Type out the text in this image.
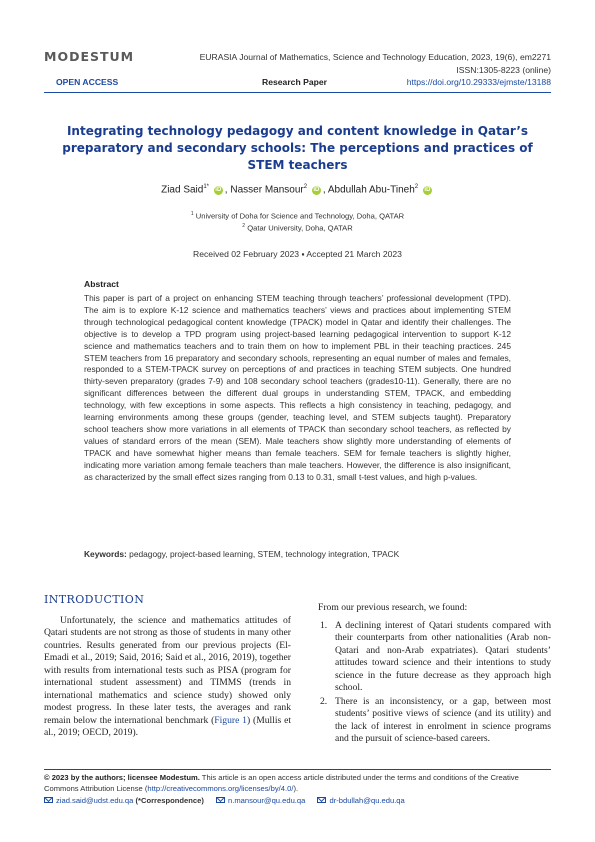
MODESTUM	EURASIA Journal of Mathematics, Science and Technology Education, 2023, 19(6), em2271
ISSN:1305-8223 (online)
OPEN ACCESS	Research Paper	https://doi.org/10.29333/ejmste/13188
Integrating technology pedagogy and content knowledge in Qatar’s preparatory and secondary schools: The perceptions and practices of STEM teachers
Ziad Said$^{1*}$ iD , Nasser Mansour$^2$ iD , Abdullah Abu-Tineh$^2$ iD
$^1$ University of Doha for Science and Technology, Doha, QATAR
$^2$ Qatar University, Doha, QATAR
Received 02 February 2023 ▪ Accepted 21 March 2023
Abstract
This paper is part of a project on enhancing STEM teaching through teachers’ professional development (TPD). The aim is to explore K-12 science and mathematics teachers’ views and practices about implementing STEM through technological pedagogical content knowledge (TPACK) model in Qatar and identify their challenges. The objective is to develop a TPD program using project-based learning pedagogical intervention to support K-12 science and mathematics teachers and to train them on how to implement PBL in their teaching practices. 245 STEM teachers from 16 preparatory and secondary schools, representing an equal number of males and females, responded to a STEM-TPACK survey on perceptions of and practices in teaching STEM subjects. One hundred thirty-seven preparatory (grades 7-9) and 108 secondary school teachers (grades10-11). Generally, there are no significant differences between the different dual groups in understanding STEM, TPACK, and embedding technology, with few exceptions in some aspects. This reflects a high consistency in teaching, pedagogy, and learning environments among these groups (gender, teaching level, and STEM subjects taught). Preparatory school teachers show more variations in all elements of TPACK than secondary school teachers, as reflected by values of standard errors of the mean (SEM). Male teachers show slightly more understanding of elements of TPACK and have somewhat higher means than female teachers. SEM for female teachers is slightly higher, indicating more variation among female teachers than male teachers. However, the difference is also insignificant, as characterized by the small effect sizes ranging from 0.13 to 0.31, small t-test values, and high p-values.
Keywords: pedagogy, project-based learning, STEM, technology integration, TPACK
INTRODUCTION
Unfortunately, the science and mathematics attitudes of Qatari students are not strong as those of students in many other countries. Results generated from our previous projects (El-Emadi et al., 2019; Said, 2016; Said et al., 2016, 2019), together with results from international tests such as PISA (program for international student assessment) and TIMMS (trends in international mathematics and science study) showed only modest progress. In these later tests, the averages and rank remain below the international benchmark (Figure 1) (Mullis et al., 2019; OECD, 2019).
From our previous research, we found:
1. A declining interest of Qatari students compared with their counterparts from other nationalities (Arab non-Qatari and non-Arab expatriates). Qatari students’ attitudes toward science and their intentions to study science in the future decrease as they approach high school.
2. There is an inconsistency, or a gap, between most students’ positive views of science (and its utility) and the lack of interest in enrolment in science programs and the pursuit of science-based careers.
© 2023 by the authors; licensee Modestum. This article is an open access article distributed under the terms and conditions of the Creative Commons Attribution License (http://creativecommons.org/licenses/by/4.0/).
ziad.said@udst.edu.qa (*Correspondence)	n.mansour@qu.edu.qa	dr-bdullah@qu.edu.qa
